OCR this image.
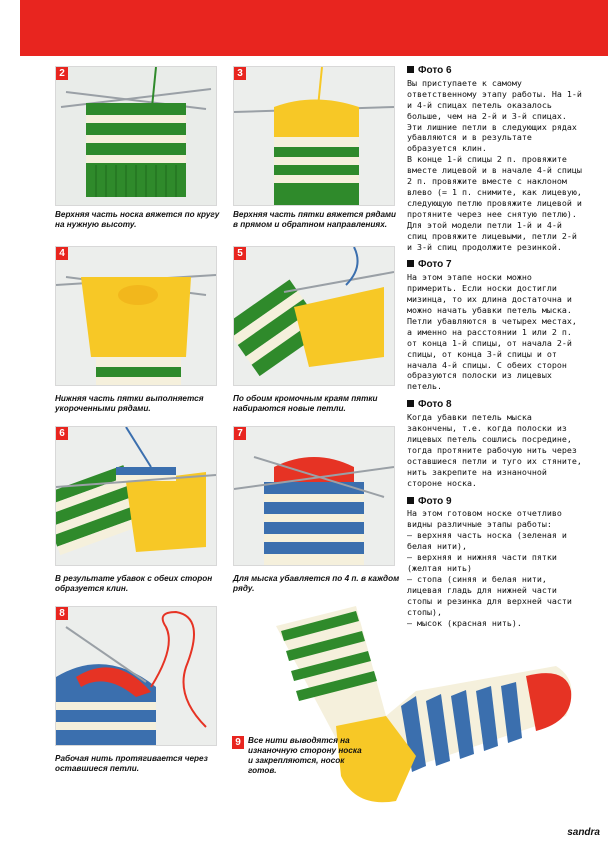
2
Верхняя часть носка вяжется по кругу на нужную высоту.
3
Верхняя часть пятки вяжется рядами в прямом и обратном направлениях.
4
Нижняя часть пятки выполняется укороченными рядами.
5
По обоим кромочным краям пятки набираются новые петли.
6
В результате убавок с обеих сторон образуется клин.
7
Для мыска убавляется по 4 п. в каждом ряду.
8
Рабочая нить протягивается через оставшиеся петли.
9 Все нити выводятся на изнаночную сторону носка и закрепляются, носок готов.
Фото 6

Вы приступаете к самому ответственному этапу работы. На 1-й и 4-й спицах петель оказалось больше, чем на 2-й и 3-й спицах. Эти лишние петли в следующих рядах убавляются и в результате образуется клин.

В конце 1-й спицы 2 п. провяжите вместе лицевой и в начале 4-й спицы 2 п. провяжите вместе с наклоном влево (= 1 п. снимите, как лицевую, следующую петлю провяжите лицевой и протяните через нее снятую петлю).

Для этой модели петли 1-й и 4-й спиц провяжите лицевыми, петли 2-й и 3-й спиц продолжите резинкой.

Фото 7

На этом этапе носки можно примерить. Если носки достигли мизинца, то их длина достаточна и можно начать убавки петель мыска. Петли убавляются в четырех местах, а именно на расстоянии 1 или 2 п. от конца 1-й спицы, от начала 2-й спицы, от конца 3-й спицы и от начала 4-й спицы. С обеих сторон образуются полоски из лицевых петель.

Фото 8

Когда убавки петель мыска закончены, т.е. когда полоски из лицевых петель сошлись посредине, тогда протяните рабочую нить через оставшиеся петли и туго их стяните, нить закрепите на изнаночной стороне носка.

Фото 9

На этом готовом носке отчетливо видны различные этапы работы:

– верхняя часть носка (зеленая и белая нити),

– верхняя и нижняя части пятки (желтая нить)

– стопа (синяя и белая нити, лицевая гладь для нижней части стопы и резинка для верхней части стопы),

– мысок (красная нить).

sandra
